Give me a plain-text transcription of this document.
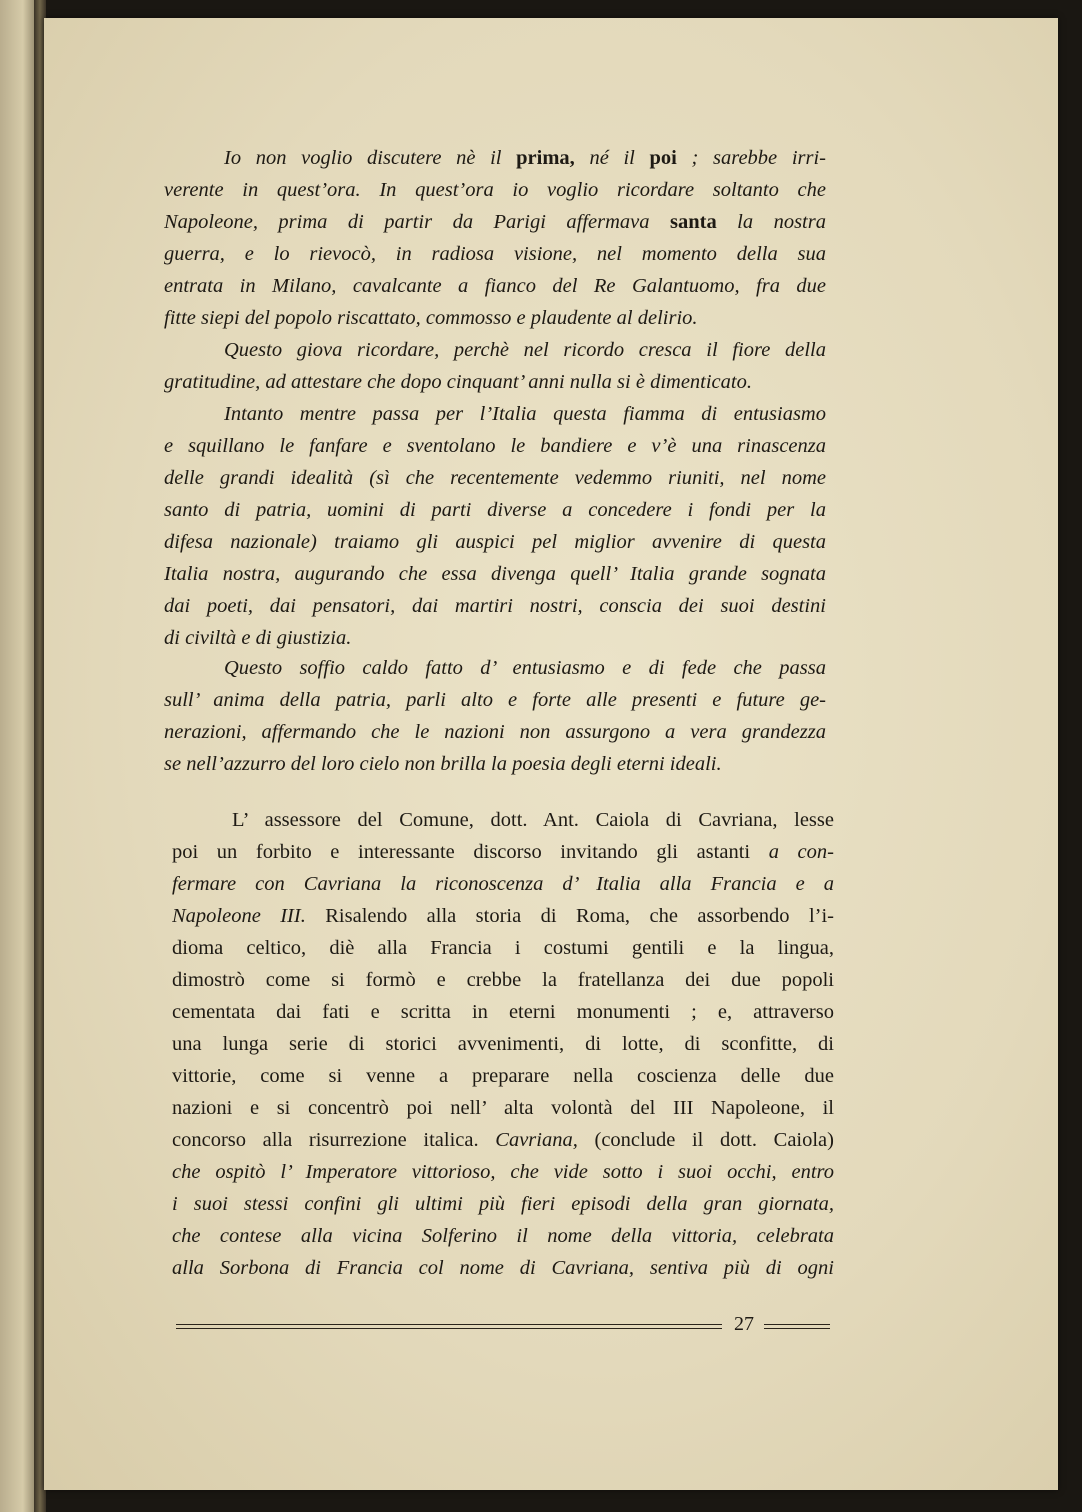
Io non voglio discutere nè il prima, né il poi ; sarebbe irri-
verente in quest’ora. In quest’ora io voglio ricordare soltanto che
Napoleone, prima di partir da Parigi affermava santa la nostra
guerra, e lo rievocò, in radiosa visione, nel momento della sua
entrata in Milano, cavalcante a fianco del Re Galantuomo, fra due
fitte siepi del popolo riscattato, commosso e plaudente al delirio.
Questo giova ricordare, perchè nel ricordo cresca il fiore della
gratitudine, ad attestare che dopo cinquant’ anni nulla si è dimenticato.
Intanto mentre passa per l’Italia questa fiamma di entusiasmo
e squillano le fanfare e sventolano le bandiere e v’è una rinascenza
delle grandi idealità (sì che recentemente vedemmo riuniti, nel nome
santo di patria, uomini di parti diverse a concedere i fondi per la
difesa nazionale) traiamo gli auspici pel miglior avvenire di questa
Italia nostra, augurando che essa divenga quell’ Italia grande sognata
dai poeti, dai pensatori, dai martiri nostri, conscia dei suoi destini
di civiltà e di giustizia.
Questo soffio caldo fatto d’ entusiasmo e di fede che passa
sull’ anima della patria, parli alto e forte alle presenti e future ge-
nerazioni, affermando che le nazioni non assurgono a vera grandezza
se nell’azzurro del loro cielo non brilla la poesia degli eterni ideali.
L’ assessore del Comune, dott. Ant. Caiola di Cavriana, lesse
poi un forbito e interessante discorso invitando gli astanti a con-
fermare con Cavriana la riconoscenza d’ Italia alla Francia e a
Napoleone III. Risalendo alla storia di Roma, che assorbendo l’i-
dioma celtico, diè alla Francia i costumi gentili e la lingua,
dimostrò come si formò e crebbe la fratellanza dei due popoli
cementata dai fati e scritta in eterni monumenti ; e, attraverso
una lunga serie di storici avvenimenti, di lotte, di sconfitte, di
vittorie, come si venne a preparare nella coscienza delle due
nazioni e si concentrò poi nell’ alta volontà del III Napoleone, il
concorso alla risurrezione italica. Cavriana, (conclude il dott. Caiola)
che ospitò l’ Imperatore vittorioso, che vide sotto i suoi occhi, entro
i suoi stessi confini gli ultimi più fieri episodi della gran giornata,
che contese alla vicina Solferino il nome della vittoria, celebrata
alla Sorbona di Francia col nome di Cavriana, sentiva più di ogni
27
